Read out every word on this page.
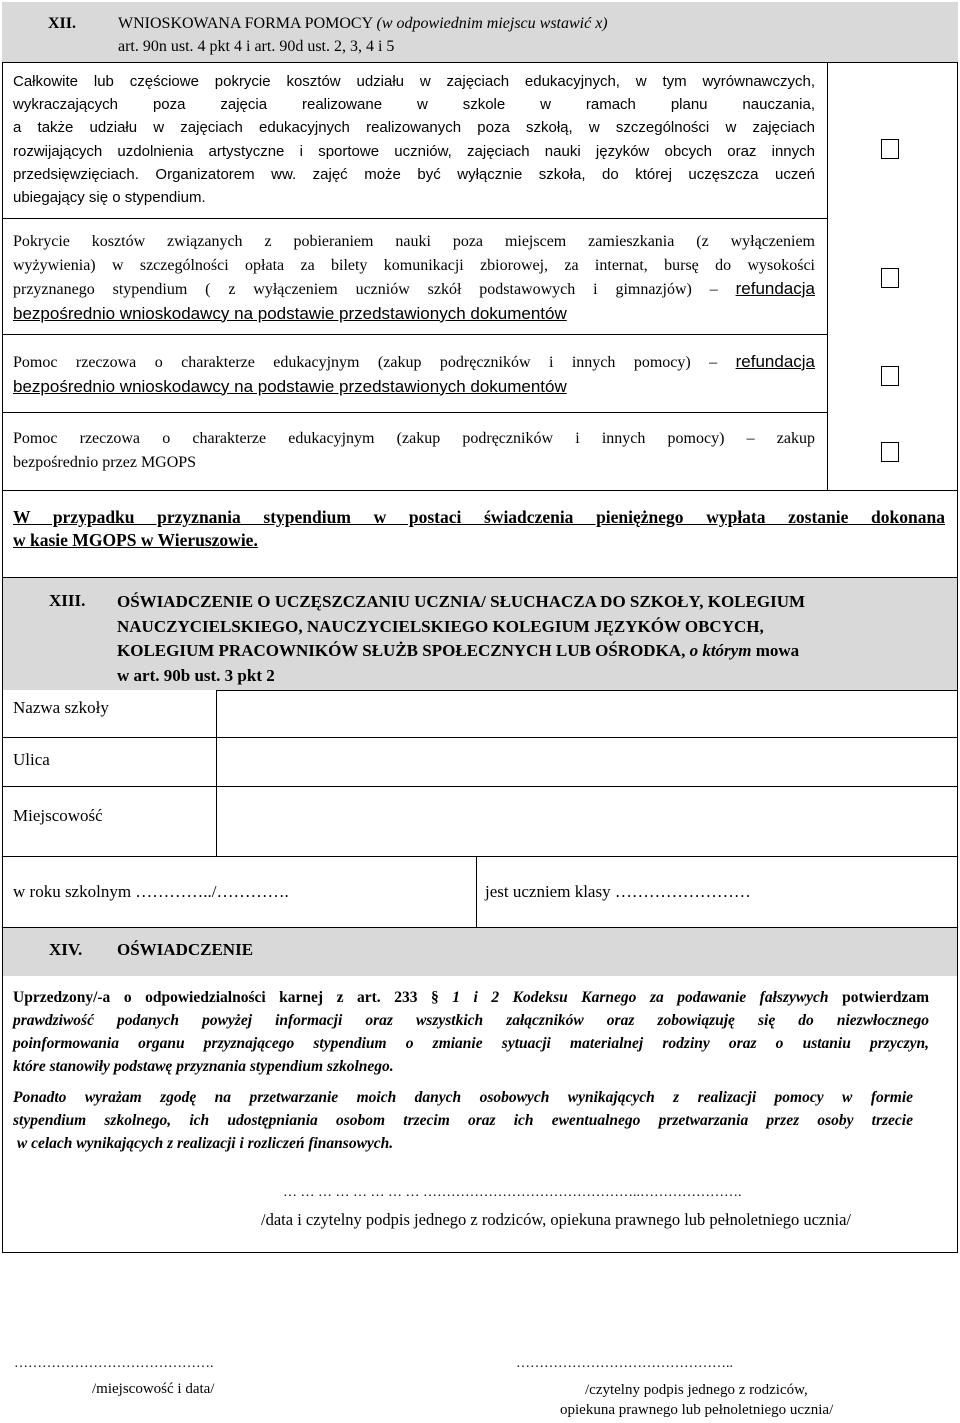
XII.	WNIOSKOWANA FORMA POMOCY (w odpowiednim miejscu wstawić x)
art. 90n ust. 4 pkt 4 i art. 90d ust. 2, 3, 4 i 5
Całkowite lub częściowe pokrycie kosztów udziału w zajęciach edukacyjnych, w tym wyrównawczych,
wykraczających poza zajęcia realizowane w szkole w ramach planu nauczania,
a także udziału w zajęciach edukacyjnych realizowanych poza szkołą, w szczególności w zajęciach
rozwijających uzdolnienia artystyczne i sportowe uczniów, zajęciach nauki języków obcych oraz innych
przedsięwzięciach. Organizatorem ww. zajęć może być wyłącznie szkoła, do której uczęszcza uczeń
ubiegający się o stypendium.
Pokrycie kosztów związanych z pobieraniem nauki poza miejscem zamieszkania (z wyłączeniem
wyżywienia) w szczególności opłata za bilety komunikacji zbiorowej, za internat, bursę do wysokości
przyznanego stypendium ( z wyłączeniem uczniów szkół podstawowych i gimnazjów) – refundacja
bezpośrednio wnioskodawcy na podstawie przedstawionych dokumentów
Pomoc rzeczowa o charakterze edukacyjnym (zakup podręczników i innych pomocy) – refundacja
bezpośrednio wnioskodawcy na podstawie przedstawionych dokumentów
Pomoc rzeczowa o charakterze edukacyjnym (zakup podręczników i innych pomocy) – zakup
bezpośrednio przez MGOPS
W przypadku przyznania stypendium w postaci świadczenia pieniężnego wypłata zostanie dokonana
w kasie MGOPS w Wieruszowie.
XIII. OŚWIADCZENIE O UCZĘSZCZANIU UCZNIA/ SŁUCHACZA DO SZKOŁY, KOLEGIUM
NAUCZYCIELSKIEGO, NAUCZYCIELSKIEGO KOLEGIUM JĘZYKÓW OBCYCH,
KOLEGIUM PRACOWNIKÓW SŁUŻB SPOŁECZNYCH LUB OŚRODKA, o którym mowa
w art. 90b ust. 3 pkt 2
Nazwa szkoły
Ulica
Miejscowość
w roku szkolnym …………../………….	jest uczniem klasy ……………………
XIV. OŚWIADCZENIE
Uprzedzony/-a o odpowiedzialności karnej z art. 233 § 1 i 2 Kodeksu Karnego za podawanie fałszywych potwierdzam
prawdziwość podanych powyżej informacji oraz wszystkich załączników oraz zobowiązuję się do niezwłocznego
poinformowania organu przyznającego stypendium o zmianie sytuacji materialnej rodziny oraz o ustaniu przyczyn,
które stanowiły podstawę przyznania stypendium szkolnego.
Ponadto wyrażam zgodę na przetwarzanie moich danych osobowych wynikających z realizacji pomocy w formie
stypendium szkolnego, ich udostępniania osobom trzecim oraz ich ewentualnego przetwarzania przez osoby trzecie
w celach wynikających z realizacji i rozliczeń finansowych.
… … … … … … … … ………………………………………..………………….
/data i czytelny podpis jednego z rodziców, opiekuna prawnego lub pełnoletniego ucznia/
…………………………………….
/miejscowość i data/
………………………………………..
/czytelny podpis jednego z rodziców,
opiekuna prawnego lub pełnoletniego ucznia/
